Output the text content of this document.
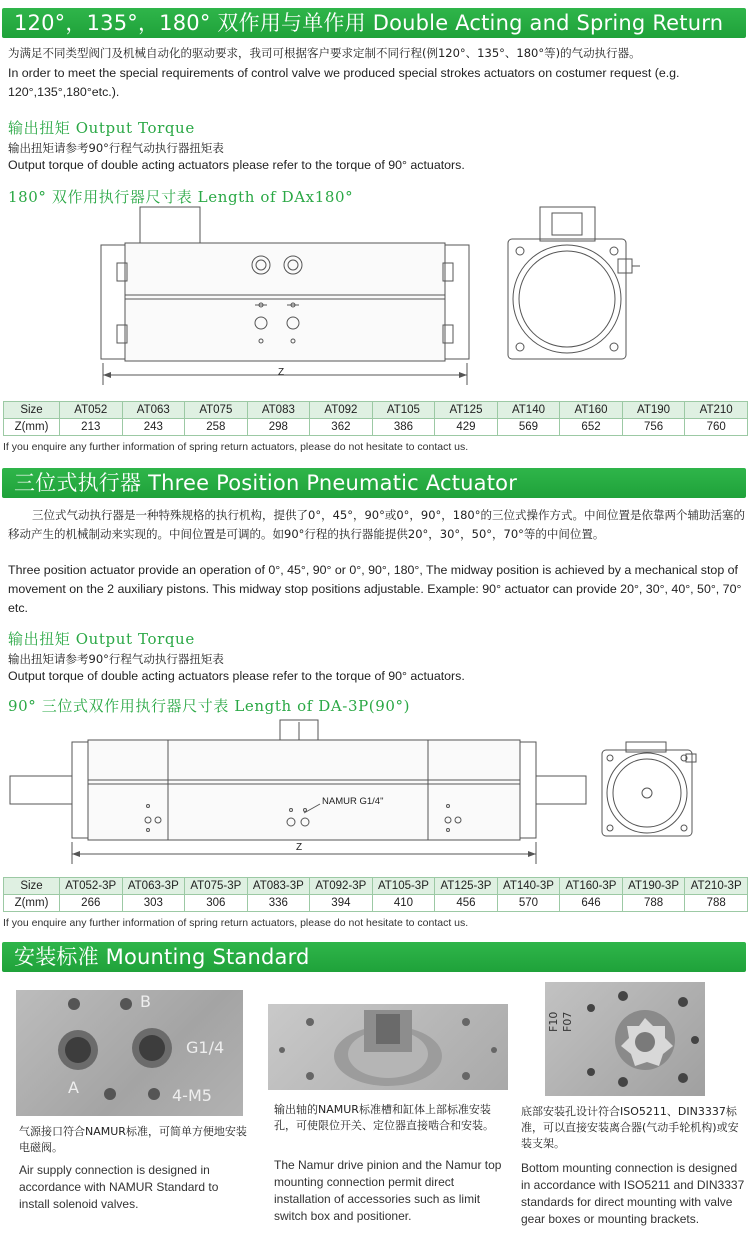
120°，135°，180° 双作用与单作用 Double Acting and Spring Return
为满足不同类型阀门及机械自动化的驱动要求，我司可根据客户要求定制不同行程(例120°、135°、180°等)的气动执行器。
In order to meet the special requirements of control valve we produced special strokes actuators on costumer request (e.g. 120°,135°,180°etc.).
输出扭矩 Output Torque
输出扭矩请参考90°行程气动执行器扭矩表
Output torque of double acting actuators please refer to the torque of 90° actuators.
180° 双作用执行器尺寸表 Length of DAx180°
Z
Size	AT052	AT063	AT075	AT083	AT092	AT105	AT125	AT140	AT160	AT190	AT210
Z(mm)	213	243	258	298	362	386	429	569	652	756	760
If you enquire any further information of spring return actuators, please do not hesitate to contact us.
三位式执行器 Three Position Pneumatic Actuator
三位式气动执行器是一种特殊规格的执行机构，提供了0°，45°，90°或0°，90°，180°的三位式操作方式。中间位置是依靠两个辅助活塞的移动产生的机械制动来实现的。中间位置是可调的。如90°行程的执行器能提供20°，30°，50°，70°等的中间位置。
Three position actuator provide an operation of 0°, 45°, 90° or 0°, 90°, 180°, The midway position is achieved by a mechanical stop of movement on the 2 auxiliary pistons. This midway stop positions adjustable. Example: 90° actuator can provide 20°, 30°, 40°, 50°, 70° etc.
输出扭矩 Output Torque
输出扭矩请参考90°行程气动执行器扭矩表
Output torque of double acting actuators please refer to the torque of 90° actuators.
90° 三位式双作用执行器尺寸表 Length of DA-3P(90°)
NAMUR G1/4"
Z
Size	AT052-3P	AT063-3P	AT075-3P	AT083-3P	AT092-3P	AT105-3P	AT125-3P	AT140-3P	AT160-3P	AT190-3P	AT210-3P
Z(mm)	266	303	306	336	394	410	456	570	646	788	788
If you enquire any further information of spring return actuators, please do not hesitate to contact us.
安装标准 Mounting Standard
B
G1/4
A	4-M5
F10 F07
气源接口符合NAMUR标准，可简单方便地安装电磁阀。
Air supply connection is designed in accordance with NAMUR Standard to install solenoid valves.
输出轴的NAMUR标准槽和缸体上部标准安装孔，可使限位开关、定位器直接啮合和安装。
The Namur drive pinion and the Namur top mounting connection permit direct installation of accessories such as limit switch box and positioner.
底部安装孔设计符合ISO5211、DIN3337标准，可以直接安装离合器(气动手轮机构)或安装支架。
Bottom mounting connection is designed in accordance with ISO5211 and DIN3337 standards for direct mounting with valve gear boxes or mounting brackets.
